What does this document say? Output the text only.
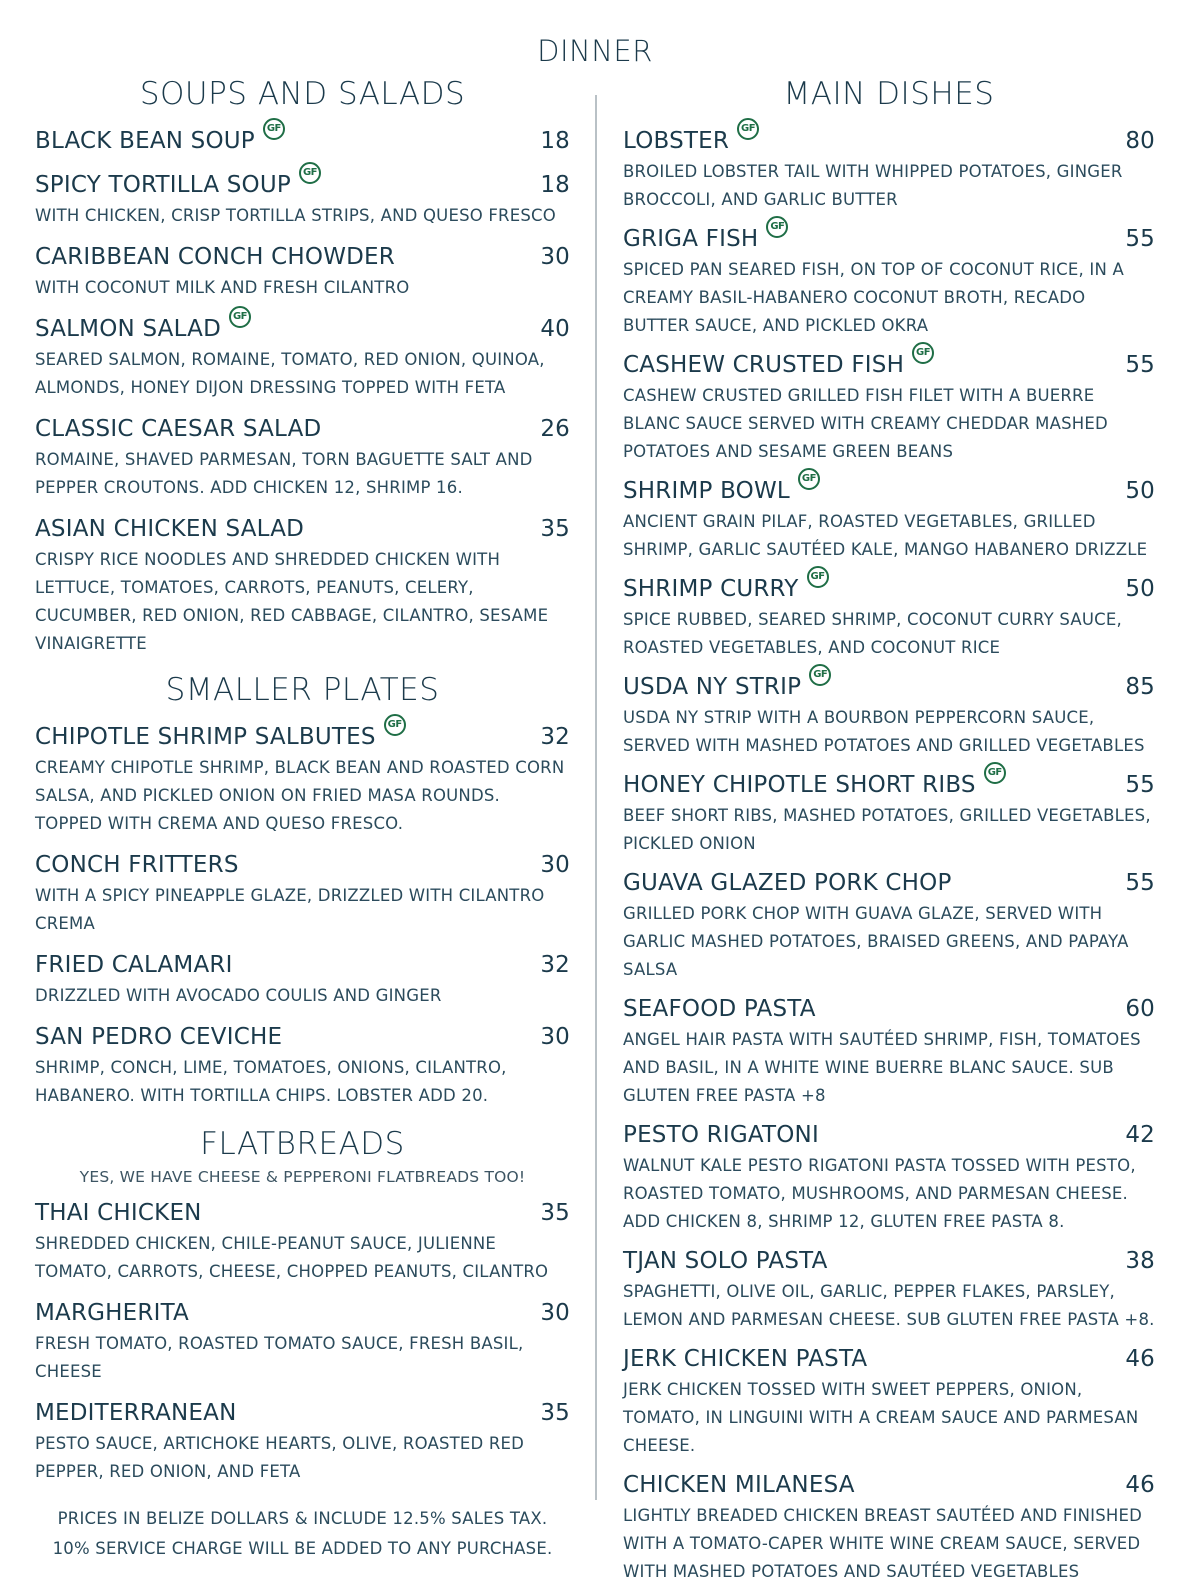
DINNER
SOUPS AND SALADS
BLACK BEAN SOUP	GF	18
SPICY TORTILLA SOUP	GF	18
WITH CHICKEN, CRISP TORTILLA STRIPS, AND QUESO FRESCO
CARIBBEAN CONCH CHOWDER	30
WITH COCONUT MILK AND FRESH CILANTRO
SALMON SALAD	GF	40
SEARED SALMON, ROMAINE, TOMATO, RED ONION, QUINOA, ALMONDS, HONEY DIJON DRESSING TOPPED WITH FETA
CLASSIC CAESAR SALAD	26
ROMAINE, SHAVED PARMESAN, TORN BAGUETTE SALT AND PEPPER CROUTONS. ADD CHICKEN 12, SHRIMP 16.
ASIAN CHICKEN SALAD	35
CRISPY RICE NOODLES AND SHREDDED CHICKEN WITH LETTUCE, TOMATOES, CARROTS, PEANUTS, CELERY, CUCUMBER, RED ONION, RED CABBAGE, CILANTRO, SESAME VINAIGRETTE
SMALLER PLATES
CHIPOTLE SHRIMP SALBUTES	GF	32
CREAMY CHIPOTLE SHRIMP, BLACK BEAN AND ROASTED CORN SALSA, AND PICKLED ONION ON FRIED MASA ROUNDS. TOPPED WITH CREMA AND QUESO FRESCO.
CONCH FRITTERS	30
WITH A SPICY PINEAPPLE GLAZE, DRIZZLED WITH CILANTRO CREMA
FRIED CALAMARI	32
DRIZZLED WITH AVOCADO COULIS AND GINGER
SAN PEDRO CEVICHE	30
SHRIMP, CONCH, LIME, TOMATOES, ONIONS, CILANTRO, HABANERO. WITH TORTILLA CHIPS. LOBSTER ADD 20.
FLATBREADS
YES, WE HAVE CHEESE & PEPPERONI FLATBREADS TOO!
THAI CHICKEN	35
SHREDDED CHICKEN, CHILE-PEANUT SAUCE, JULIENNE TOMATO, CARROTS, CHEESE, CHOPPED PEANUTS, CILANTRO
MARGHERITA	30
FRESH TOMATO, ROASTED TOMATO SAUCE, FRESH BASIL, CHEESE
MEDITERRANEAN	35
PESTO SAUCE, ARTICHOKE HEARTS, OLIVE, ROASTED RED PEPPER, RED ONION, AND FETA
PRICES IN BELIZE DOLLARS & INCLUDE 12.5% SALES TAX.
10% SERVICE CHARGE WILL BE ADDED TO ANY PURCHASE.
MAIN DISHES
LOBSTER	GF	80
BROILED LOBSTER TAIL WITH WHIPPED POTATOES, GINGER BROCCOLI, AND GARLIC BUTTER
GRIGA FISH	GF	55
SPICED PAN SEARED FISH, ON TOP OF COCONUT RICE, IN A CREAMY BASIL-HABANERO COCONUT BROTH, RECADO BUTTER SAUCE, AND PICKLED OKRA
CASHEW CRUSTED FISH	GF	55
CASHEW CRUSTED GRILLED FISH FILET WITH A BUERRE BLANC SAUCE SERVED WITH CREAMY CHEDDAR MASHED POTATOES AND SESAME GREEN BEANS
SHRIMP BOWL	GF	50
ANCIENT GRAIN PILAF, ROASTED VEGETABLES, GRILLED SHRIMP, GARLIC SAUTÉED KALE, MANGO HABANERO DRIZZLE
SHRIMP CURRY	GF	50
SPICE RUBBED, SEARED SHRIMP, COCONUT CURRY SAUCE, ROASTED VEGETABLES, AND COCONUT RICE
USDA NY STRIP	GF	85
USDA NY STRIP WITH A BOURBON PEPPERCORN SAUCE, SERVED WITH MASHED POTATOES AND GRILLED VEGETABLES
HONEY CHIPOTLE SHORT RIBS	GF	55
BEEF SHORT RIBS, MASHED POTATOES, GRILLED VEGETABLES, PICKLED ONION
GUAVA GLAZED PORK CHOP	55
GRILLED PORK CHOP WITH GUAVA GLAZE, SERVED WITH GARLIC MASHED POTATOES, BRAISED GREENS, AND PAPAYA SALSA
SEAFOOD PASTA	60
ANGEL HAIR PASTA WITH SAUTÉED SHRIMP, FISH, TOMATOES AND BASIL, IN A WHITE WINE BUERRE BLANC SAUCE. SUB GLUTEN FREE PASTA +8
PESTO RIGATONI	42
WALNUT KALE PESTO RIGATONI PASTA TOSSED WITH PESTO, ROASTED TOMATO, MUSHROOMS, AND PARMESAN CHEESE. ADD CHICKEN 8, SHRIMP 12, GLUTEN FREE PASTA 8.
TJAN SOLO PASTA	38
SPAGHETTI, OLIVE OIL, GARLIC, PEPPER FLAKES, PARSLEY, LEMON AND PARMESAN CHEESE. SUB GLUTEN FREE PASTA +8.
JERK CHICKEN PASTA	46
JERK CHICKEN TOSSED WITH SWEET PEPPERS, ONION, TOMATO, IN LINGUINI WITH A CREAM SAUCE AND PARMESAN CHEESE.
CHICKEN MILANESA	46
LIGHTLY BREADED CHICKEN BREAST SAUTÉED AND FINISHED WITH A TOMATO-CAPER WHITE WINE CREAM SAUCE, SERVED WITH MASHED POTATOES AND SAUTÉED VEGETABLES
